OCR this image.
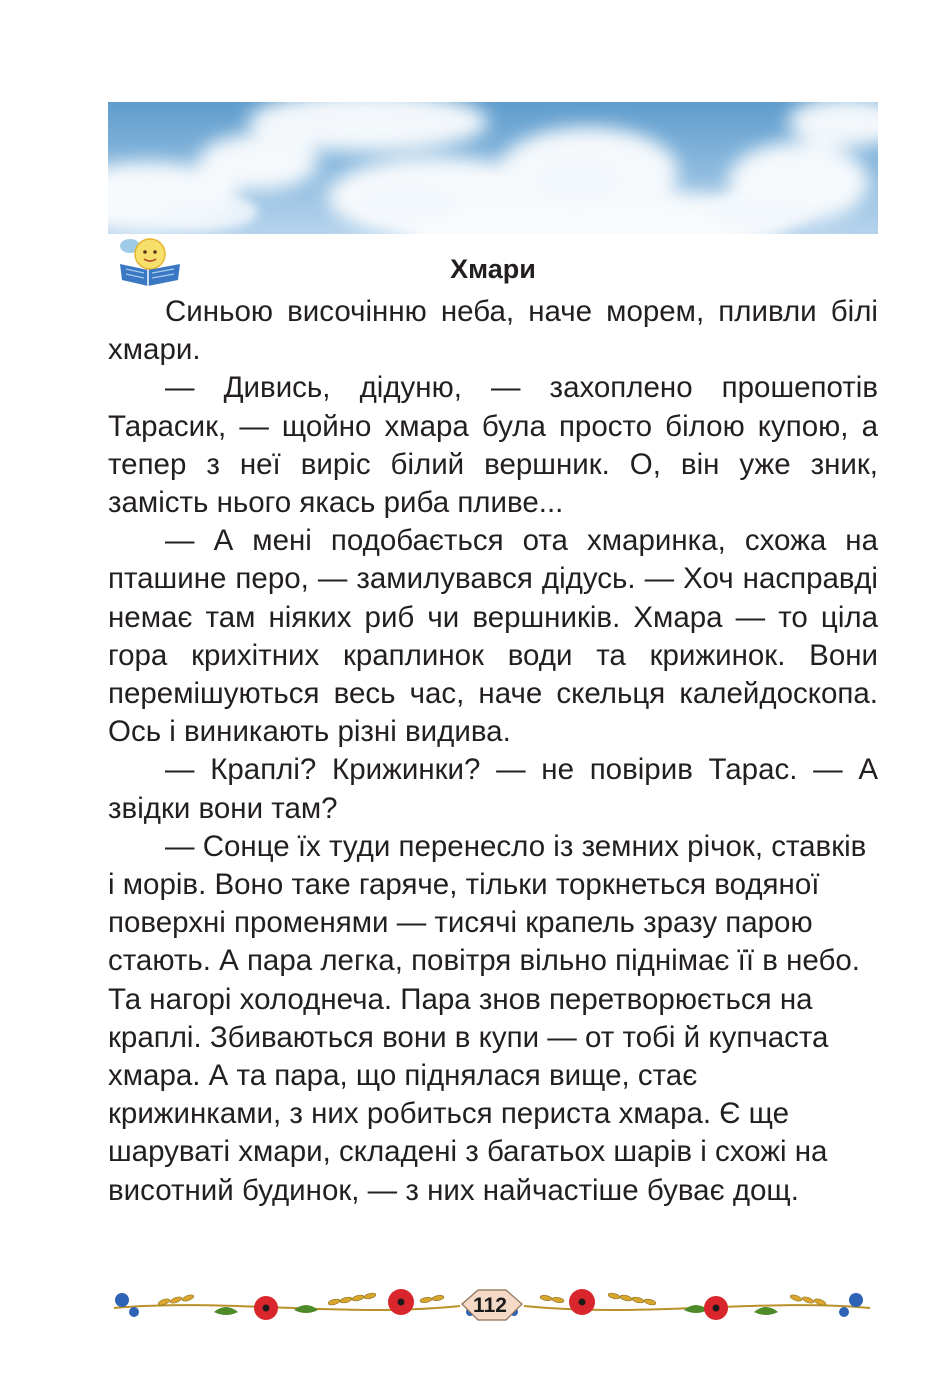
Хмари

Синьою височінню неба, наче морем, пливли білі хмари.

— Дивись, дідуню, — захоплено прошепотів Тарасик, — щойно хмара була просто білою купою, а тепер з неї виріс білий вершник. О, він уже зник, замість нього якась риба пливе...

— А мені подобається ота хмаринка, схожа на пташине перо, — замилувався дідусь. — Хоч насправді немає там ніяких риб чи вершників. Хмара — то ціла гора крихітних краплинок води та крижинок. Вони перемішуються весь час, наче скельця калейдоскопа. Ось і виникають різні видива.

— Краплі? Крижинки? — не повірив Тарас. — А звідки вони там?

— Сонце їх туди перенесло із земних річок, ставків і морів. Воно таке гаряче, тільки торкнеться водяної поверхні променями — тисячі крапель зразу парою стають. А пара легка, повітря вільно піднімає її в небо. Та нагорі холоднеча. Пара знов перетворюється на краплі. Збиваються вони в купи — от тобі й купчаста хмара. А та пара, що піднялася вище, стає крижинками, з них робиться периста хмара. Є ще шаруваті хмари, складені з багатьох шарів і схожі на висотний будинок, — з них найчастіше буває дощ.

112
